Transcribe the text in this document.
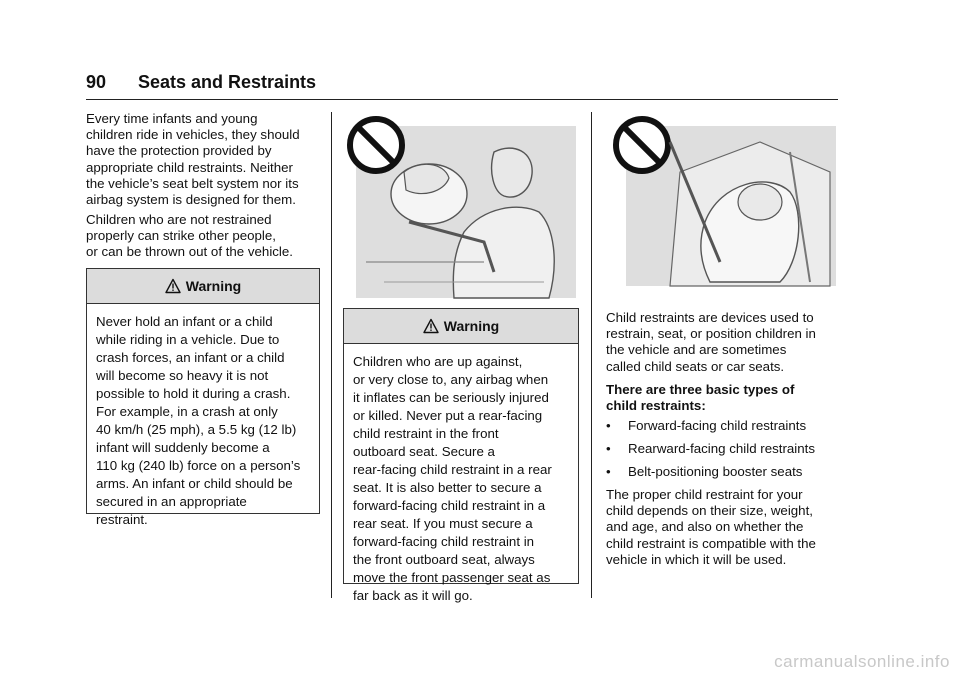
90 Seats and Restraints

Every time infants and young

children ride in vehicles, they should

have the protection provided by

appropriate child restraints. Neither

the vehicle’s seat belt system nor its

airbag system is designed for them.

Children who are not restrained

properly can strike other people,

or can be thrown out of the vehicle.

Warning

Never hold an infant or a child

while riding in a vehicle. Due to

crash forces, an infant or a child

will become so heavy it is not

possible to hold it during a crash.

For example, in a crash at only

40 km/h (25 mph), a 5.5 kg (12 lb)

infant will suddenly become a

110 kg (240 lb) force on a person’s

arms. An infant or child should be

secured in an appropriate

restraint.

Warning

Children who are up against,

or very close to, any airbag when

it inflates can be seriously injured

or killed. Never put a rear-facing

child restraint in the front

outboard seat. Secure a

rear-facing child restraint in a rear

seat. It is also better to secure a

forward-facing child restraint in a

rear seat. If you must secure a

forward-facing child restraint in

the front outboard seat, always

move the front passenger seat as

far back as it will go.

Child restraints are devices used to

restrain, seat, or position children in

the vehicle and are sometimes

called child seats or car seats.

There are three basic types of

child restraints:

•	Forward-facing child restraints
•	Rearward-facing child restraints
•	Belt-positioning booster seats

The proper child restraint for your

child depends on their size, weight,

and age, and also on whether the

child restraint is compatible with the

vehicle in which it will be used.

carmanualsonline.info
